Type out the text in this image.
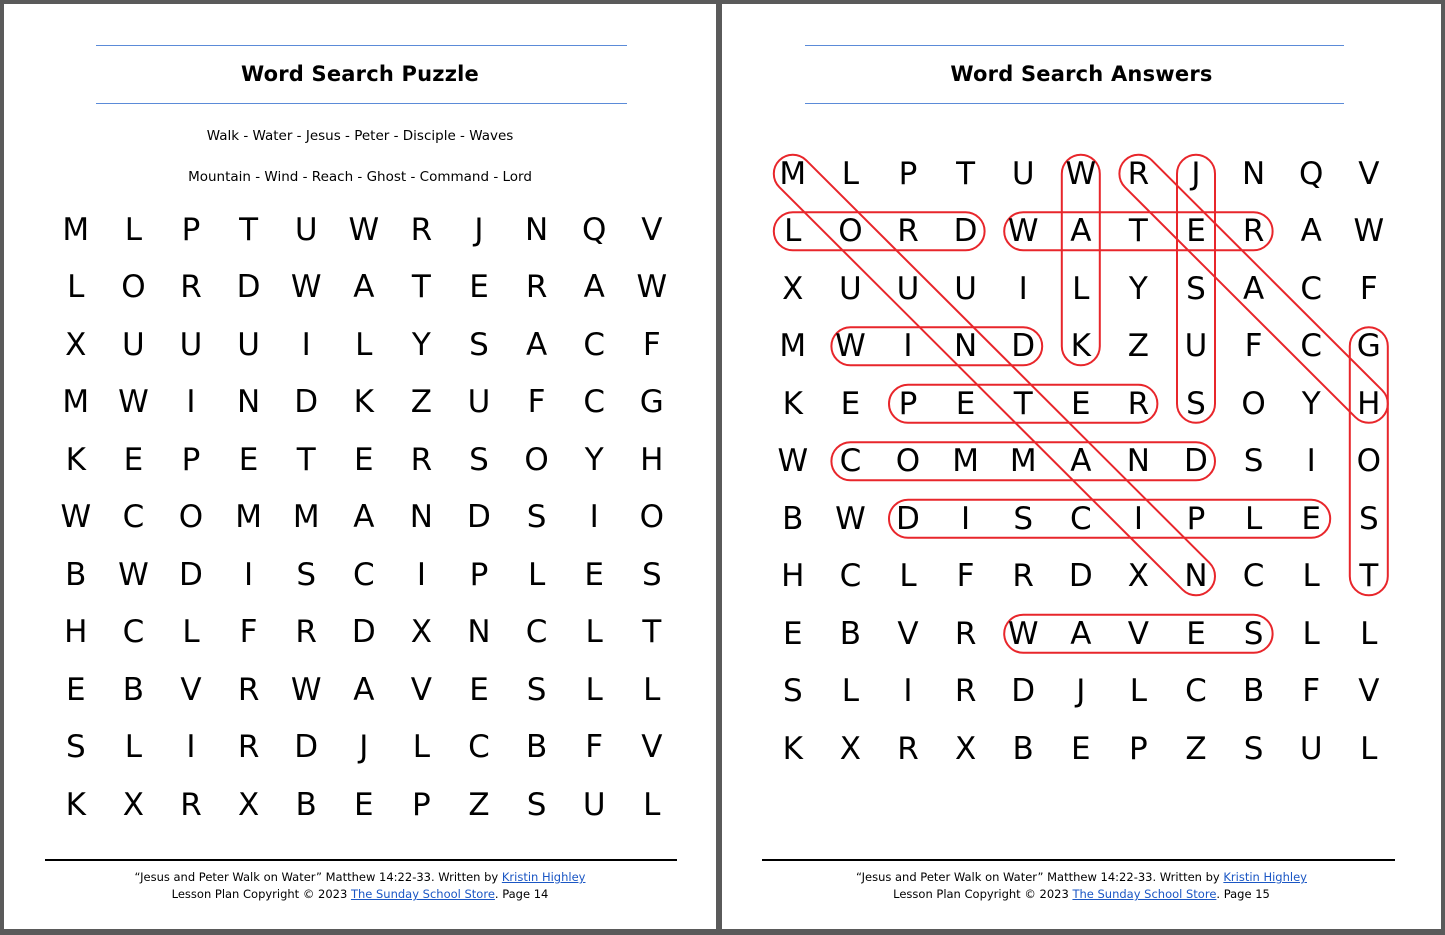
Word Search Puzzle
Walk - Water - Jesus - Peter - Disciple - Waves
Mountain - Wind - Reach - Ghost - Command - Lord
M	L	P	T	U W	R	J	N	Q	V
L	O	R	D W	A	T	E	R	A	W
X	U	U	U	I	L	Y	S	A	C	F
M W	I	N	D	K	Z	U	F	C	G
K	E	P	E	T	E	R	S	O	Y	H
W	C	O	M M	A	N	D	S	I	O
B	W D	I	S	C	I	P	L	E	S
H	C	L	F	R	D	X	N	C	L	T
E	B	V	R	W	A	V	E	S	L	L
S	L	I	R	D	J	L	C	B	F	V
K	X	R	X	B	E	P	Z	S	U	L
“Jesus and Peter Walk on Water” Matthew 14:22-33. Written by Kristin Highley
Lesson Plan Copyright © 2023 The Sunday School Store. Page 14
Word Search Answers
M	L	P	T	U W	R	J	N	Q	V
L	O	R	D W	A	T	E	R	A	W
X	U	U	U	I	L	Y	S	A	C	F
M W	I	N	D	K	Z	U	F	C	G
K	E	P	E	T	E	R	S	O	Y	H
W	C	O	M M	A	N	D	S	I	O
B	W D	I	S	C	I	P	L	E	S
H	C	L	F	R	D	X	N	C	L	T
E	B	V	R	W	A	V	E	S	L	L
S	L	I	R	D	J	L	C	B	F	V
K	X	R	X	B	E	P	Z	S	U	L
“Jesus and Peter Walk on Water” Matthew 14:22-33. Written by Kristin Highley
Lesson Plan Copyright © 2023 The Sunday School Store. Page 15
